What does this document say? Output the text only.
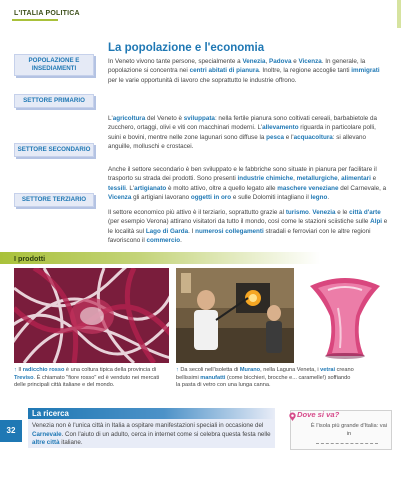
L'ITALIA POLITICA
La popolazione e l'economia
POPOLAZIONE E INSEDIAMENTI
SETTORE PRIMARIO
SETTORE SECONDARIO
SETTORE TERZIARIO

In Veneto vivono tante persone, specialmente a Venezia, Padova e Vicenza. In generale, la popolazione si concentra nei centri abitati di pianura. Inoltre, la regione accoglie tanti immigrati per le varie opportunità di lavoro che soprattutto le industrie offrono.

L'agricoltura del Veneto è sviluppata: nella fertile pianura sono coltivati cereali, barbabietole da zucchero, ortaggi, olivi e viti con macchinari moderni. L'allevamento riguarda in particolare polli, suini e bovini, mentre nelle zone lagunari sono diffuse la pesca e l'acquacoltura: si allevano anguille, molluschi e crostacei.

Anche il settore secondario è ben sviluppato e le fabbriche sono situate in pianura per facilitare il trasporto su strada dei prodotti. Sono presenti industrie chimiche, metallurgiche, alimentari e tessili. L'artigianato è molto attivo, oltre a quello legato alle maschere veneziane del Carnevale, a Vicenza gli artigiani lavorano oggetti in oro e sulle Dolomiti intagliano il legno.

Il settore economico più attivo è il terziario, soprattutto grazie al turismo. Venezia e le città d'arte (per esempio Verona) attirano visitatori da tutto il mondo, così come le stazioni sciistiche sulle Alpi e le località sul Lago di Garda. I numerosi collegamenti stradali e ferroviari con le altre regioni favoriscono il commercio.

I prodotti

↑ Il radicchio rosso è una coltura tipica della provincia di Treviso. È chiamato "fiore rosso" ed è venduto nei mercati delle principali città italiane e del mondo.

↑ Da secoli nell'isoletta di Murano, nella Laguna Veneta, i vetrai creano bellissimi manufatti (come bicchieri, brocche e... caramelle!) soffiando la pasta di vetro con una lunga canna.

La ricerca

Venezia non è l'unica città in Italia a ospitare manifestazioni speciali in occasione del Carnevale. Con l'aiuto di un adulto, cerca in internet come si celebra questa festa nelle altre città italiane.

32
Dove si va?
È l'isola più grande d'Italia: vai in
